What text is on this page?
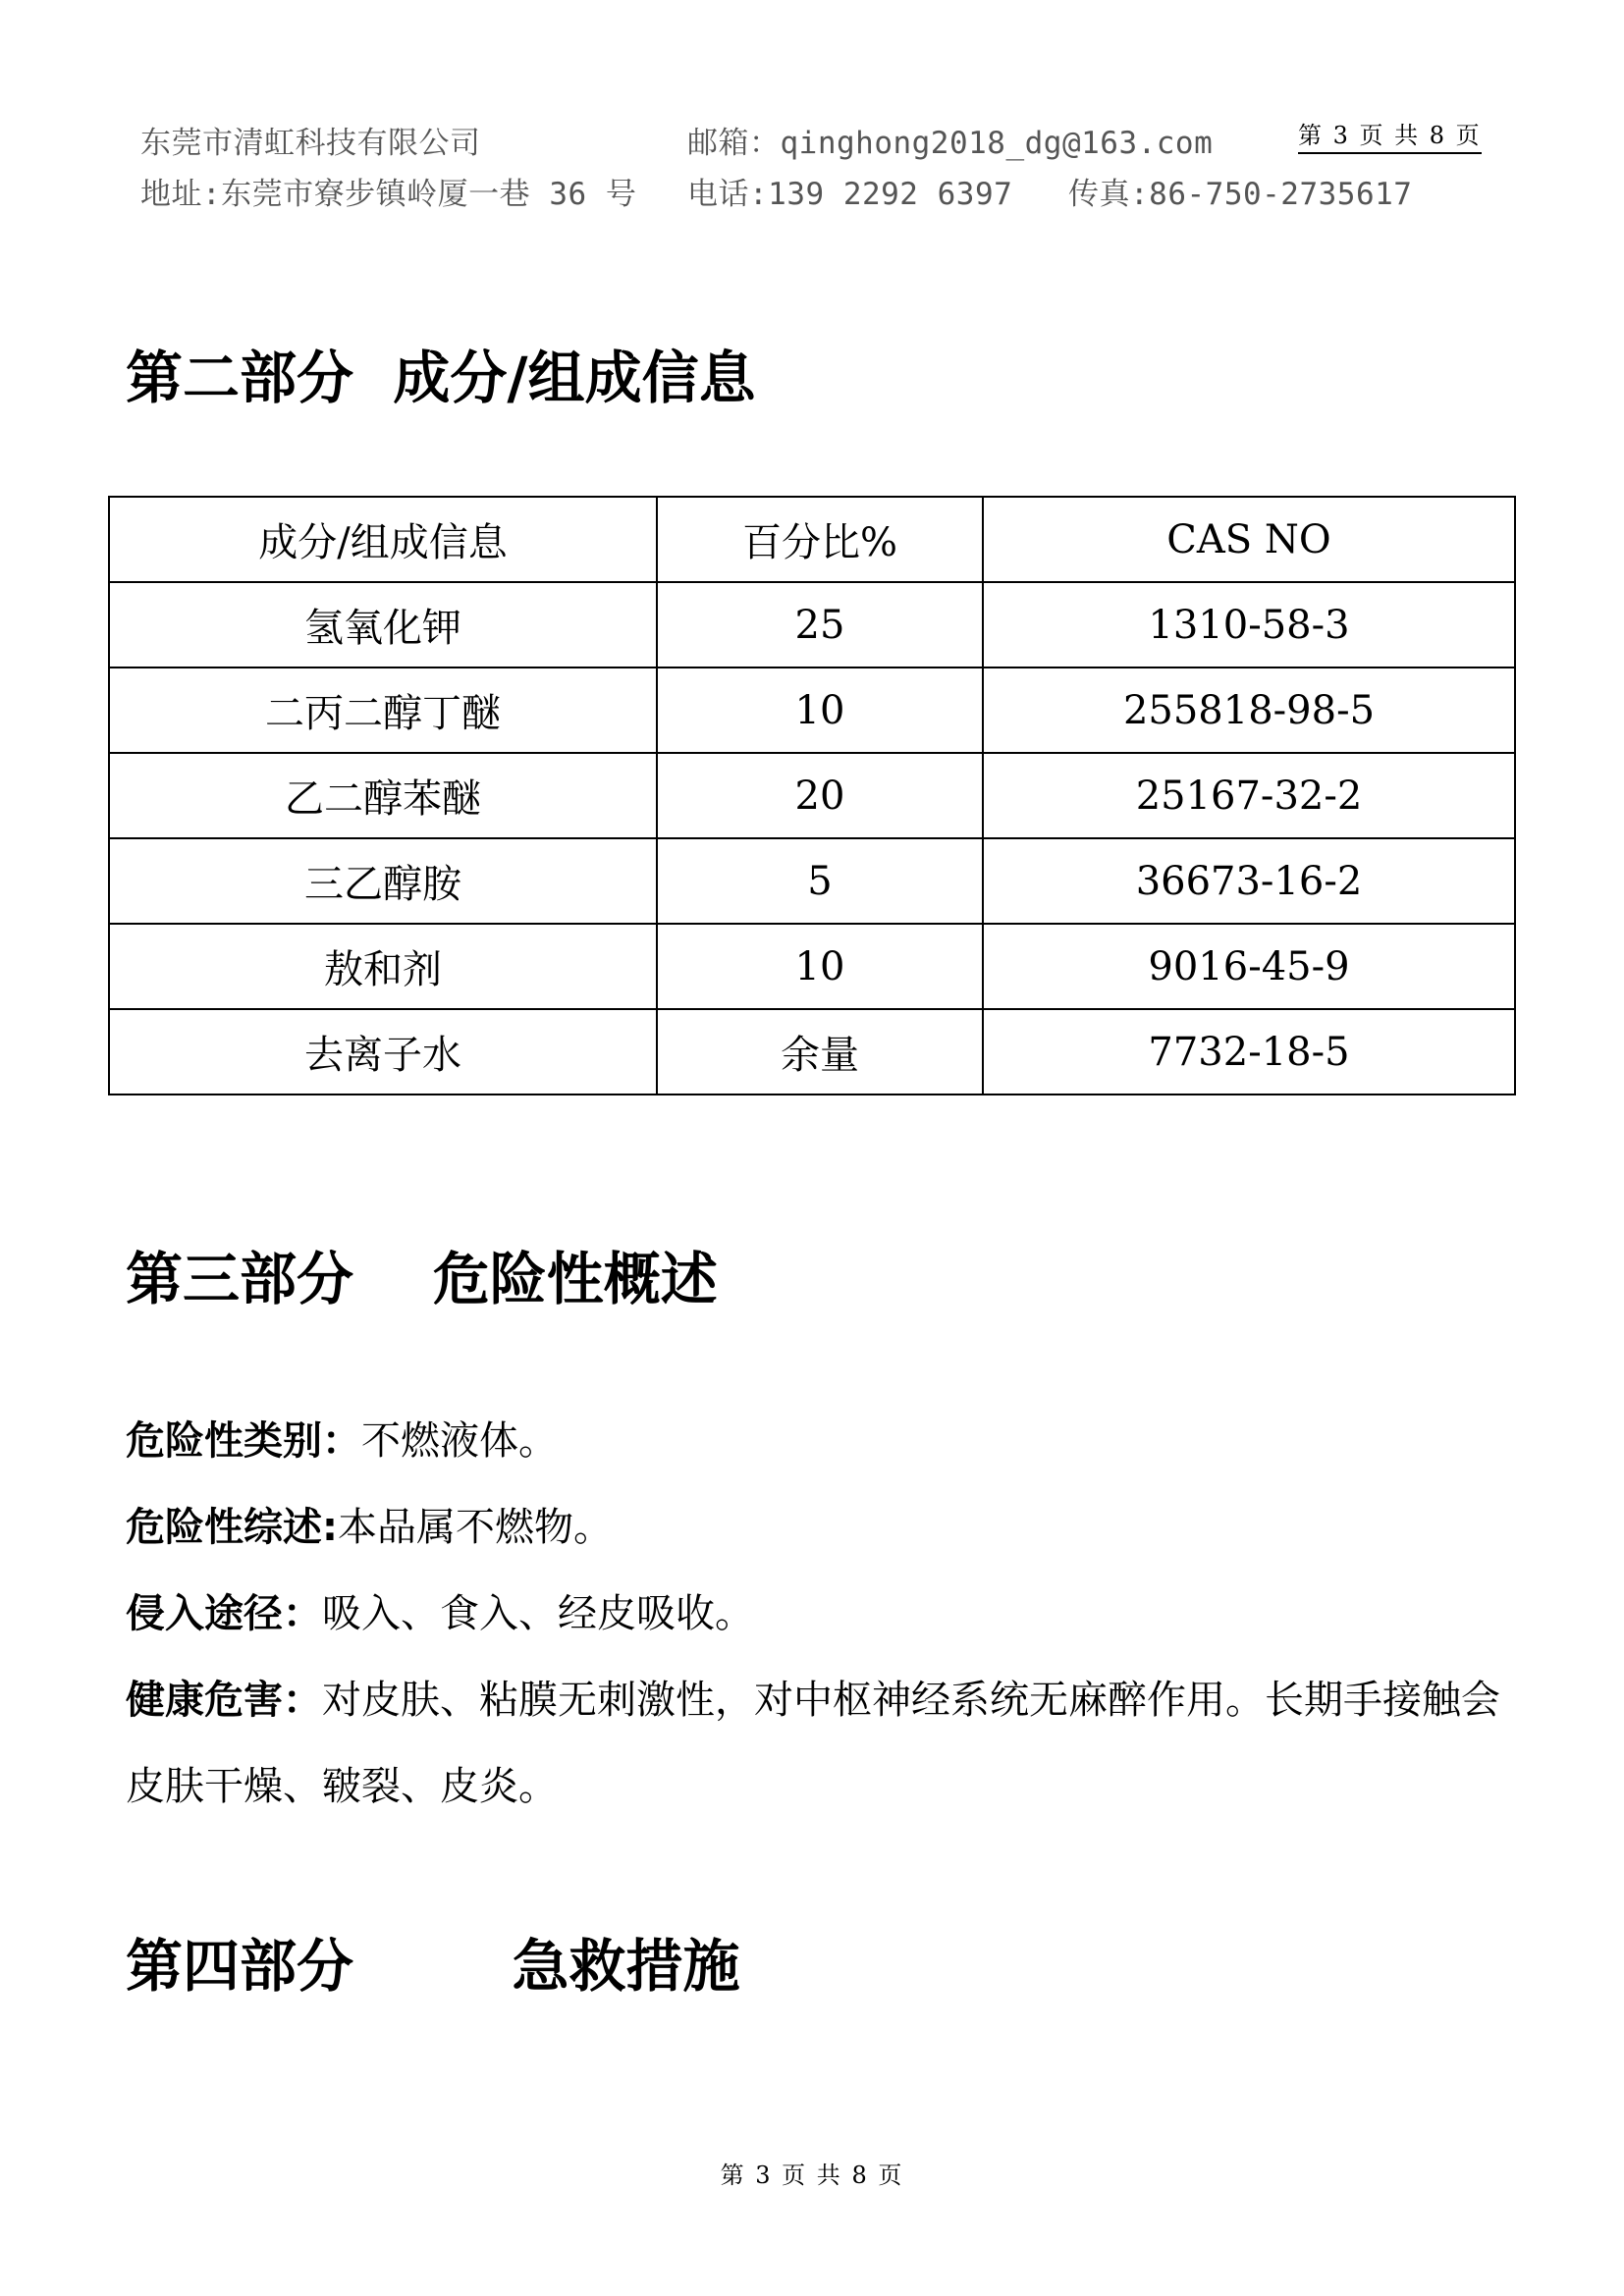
东莞市清虹科技有限公司	邮箱：qinghong2018_dg@163.com	第 3 页 共 8 页
地址:东莞市寮步镇岭厦一巷 36 号 电话:139 2292 6397 传真:86-750-2735617
第二部分  成分/组成信息
成分/组成信息	百分比%	CAS NO
氢氧化钾	25	1310-58-3
二丙二醇丁醚	10	255818-98-5
乙二醇苯醚	20	25167-32-2
三乙醇胺	5	36673-16-2
敖和剂	10	9016-45-9
去离子水	余量	7732-18-5
第三部分    危险性概述
危险性类别：不燃液体。
危险性综述:本品属不燃物。
侵入途径：吸入、食入、经皮吸收。
健康危害：对皮肤、粘膜无刺激性，对中枢神经系统无麻醉作用。长期手接触会皮肤干燥、皲裂、皮炎。
第四部分        急救措施
第 3 页 共 8 页
